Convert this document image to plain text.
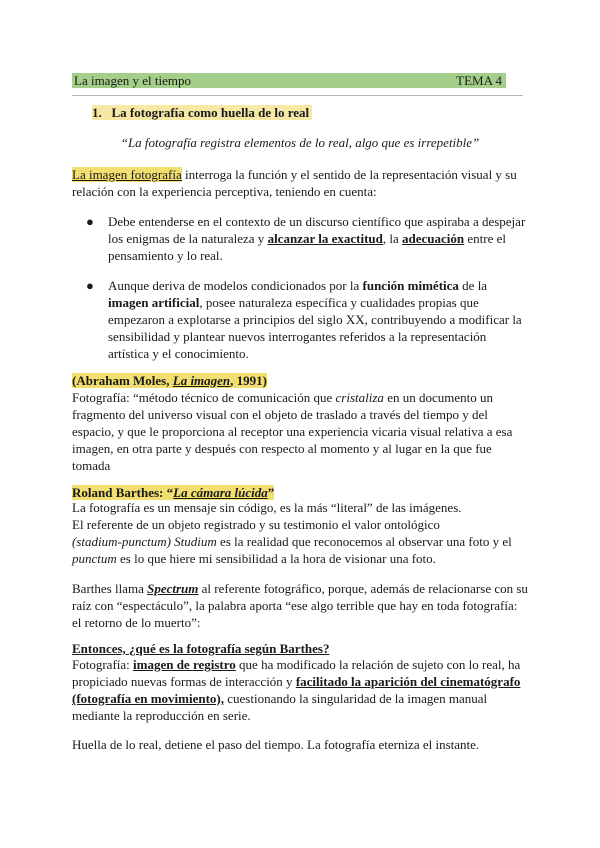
La imagen y el tiempo	TEMA 4
1. La fotografía como huella de lo real
“La fotografía registra elementos de lo real, algo que es irrepetible”
La imagen fotografía interroga la función y el sentido de la representación visual y su relación con la experiencia perceptiva, teniendo en cuenta:
●	Debe entenderse en el contexto de un discurso científico que aspiraba a despejar los enigmas de la naturaleza y alcanzar la exactitud, la adecuación entre el pensamiento y lo real.
●	Aunque deriva de modelos condicionados por la función mimética de la imagen artificial, posee naturaleza específica y cualidades propias que empezaron a explotarse a principios del siglo XX, contribuyendo a modificar la sensibilidad y plantear nuevos interrogantes referidos a la representación artística y el conocimiento.
(Abraham Moles, La imagen, 1991)
Fotografía: “método técnico de comunicación que cristaliza en un documento un fragmento del universo visual con el objeto de traslado a través del tiempo y del espacio, y que le proporciona al receptor una experiencia vicaria visual relativa a esa imagen, en otra parte y después con respecto al momento y al lugar en la que fue tomada
Roland Barthes: “La cámara lúcida”
La fotografía es un mensaje sin código, es la más “literal” de las imágenes.
El referente de un objeto registrado y su testimonio el valor ontológico
(stadium-punctum) Studium es la realidad que reconocemos al observar una foto y el punctum es lo que hiere mi sensibilidad a la hora de visionar una foto.
Barthes llama Spectrum al referente fotográfico, porque, además de relacionarse con su raíz con “espectáculo”, la palabra aporta “ese algo terrible que hay en toda fotografía: el retorno de lo muerto”:
Entonces, ¿qué es la fotografía según Barthes?
Fotografía: imagen de registro que ha modificado la relación de sujeto con lo real, ha propiciado nuevas formas de interacción y facilitado la aparición del cinematógrafo (fotografía en movimiento), cuestionando la singularidad de la imagen manual mediante la reproducción en serie.
Huella de lo real, detiene el paso del tiempo. La fotografía eterniza el instante.
